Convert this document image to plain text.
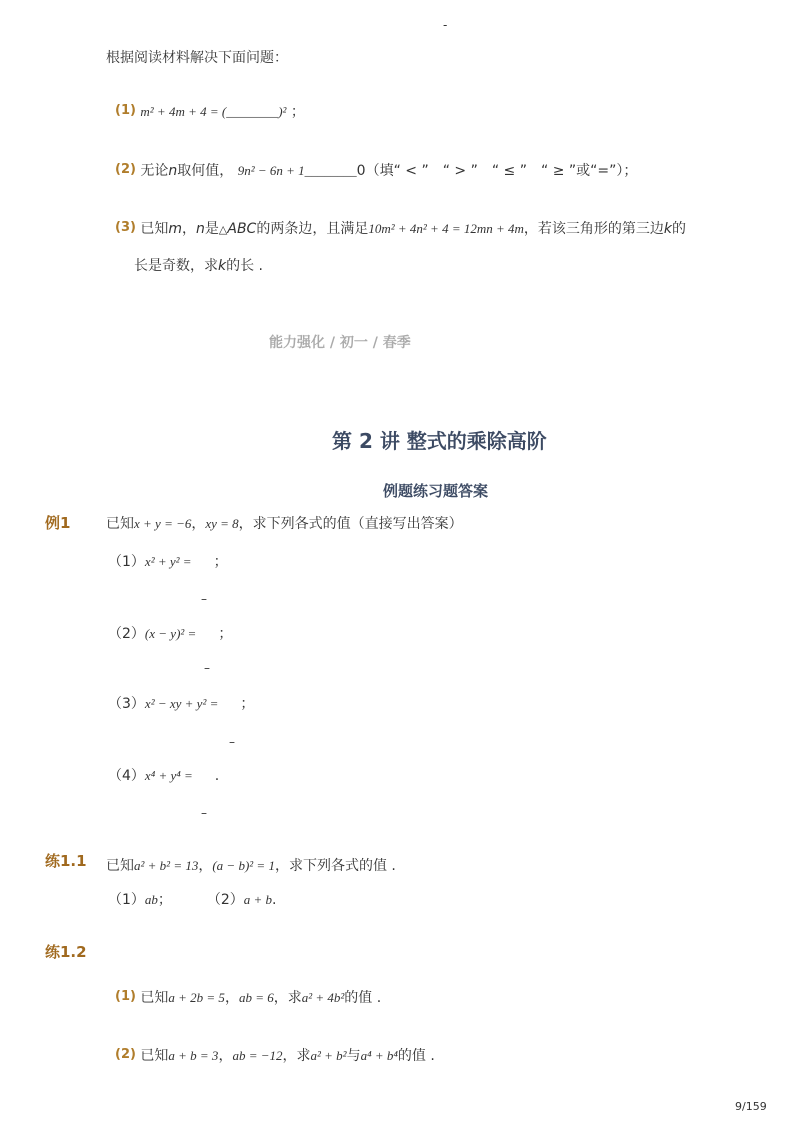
-
根据阅读材料解决下面问题：
(1) m² + 4m + 4 = (________)² ；
(2) 无论n取何值， 9n² − 6n + 1________0（填“ < ”　“ > ”　“ ≤ ”　“ ≥ ”或“=”）；
(3) 已知m，n是△ABC的两条边，且满足10m² + 4n² + 4 = 12mn + 4m，若该三角形的第三边k的
长是奇数，求k的长 .
能力强化 / 初一 / 春季
第 2 讲 整式的乘除高阶
例题练习题答案
例1	已知x + y = −6，xy = 8，求下列各式的值（直接写出答案）
（1）x² + y² = ；
–
（2）(x − y)² = ；
–
（3）x² − xy + y² = ；
–
（4）x⁴ + y⁴ = .
–
练1.1 已知a² + b² = 13，(a − b)² = 1，求下列各式的值 .
（1）ab； （2）a + b.
练1.2
(1) 已知a + 2b = 5，ab = 6，求a² + 4b²的值 .
(2) 已知a + b = 3，ab = −12，求a² + b²与a⁴ + b⁴的值 .
9/159
